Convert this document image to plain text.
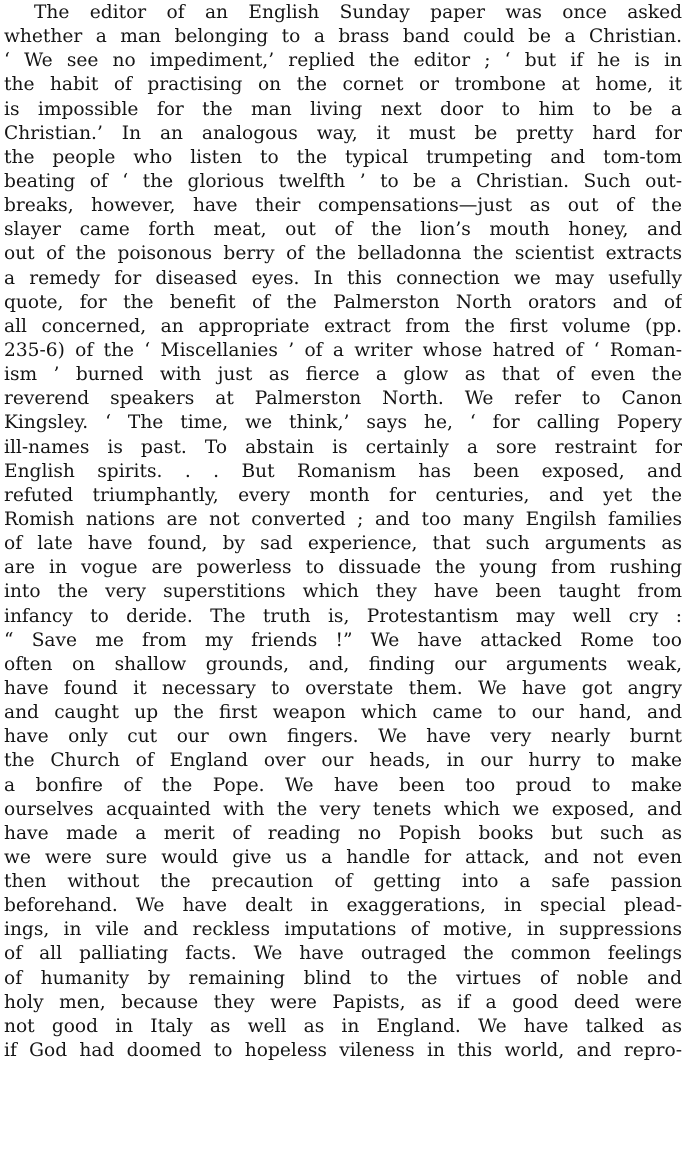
The editor of an English Sunday paper was once asked
whether a man belonging to a brass band could be a Christian.
‘ We see no impediment,’ replied the editor ; ‘ but if he is in
the habit of practising on the cornet or trombone at home, it
is impossible for the man living next door to him to be a
Christian.’ In an analogous way, it must be pretty hard for
the people who listen to the typical trumpeting and tom-tom
beating of ‘ the glorious twelfth ’ to be a Christian. Such out-
breaks, however, have their compensations—just as out of the
slayer came forth meat, out of the lion’s mouth honey, and
out of the poisonous berry of the belladonna the scientist extracts
a remedy for diseased eyes. In this connection we may usefully
quote, for the benefit of the Palmerston North orators and of
all concerned, an appropriate extract from the first volume (pp.
235-6) of the ‘ Miscellanies ’ of a writer whose hatred of ‘ Roman-
ism ’ burned with just as fierce a glow as that of even the
reverend speakers at Palmerston North. We refer to Canon
Kingsley. ‘ The time, we think,’ says he, ‘ for calling Popery
ill-names is past. To abstain is certainly a sore restraint for
English spirits. . . But Romanism has been exposed, and
refuted triumphantly, every month for centuries, and yet the
Romish nations are not converted ; and too many Engilsh families
of late have found, by sad experience, that such arguments as
are in vogue are powerless to dissuade the young from rushing
into the very superstitions which they have been taught from
infancy to deride. The truth is, Protestantism may well cry :
“ Save me from my friends !” We have attacked Rome too
often on shallow grounds, and, finding our arguments weak,
have found it necessary to overstate them. We have got angry
and caught up the first weapon which came to our hand, and
have only cut our own fingers. We have very nearly burnt
the Church of England over our heads, in our hurry to make
a bonfire of the Pope. We have been too proud to make
ourselves acquainted with the very tenets which we exposed, and
have made a merit of reading no Popish books but such as
we were sure would give us a handle for attack, and not even
then without the precaution of getting into a safe passion
beforehand. We have dealt in exaggerations, in special plead-
ings, in vile and reckless imputations of motive, in suppressions
of all palliating facts. We have outraged the common feelings
of humanity by remaining blind to the virtues of noble and
holy men, because they were Papists, as if a good deed were
not good in Italy as well as in England. We have talked as
if God had doomed to hopeless vileness in this world, and repro-
